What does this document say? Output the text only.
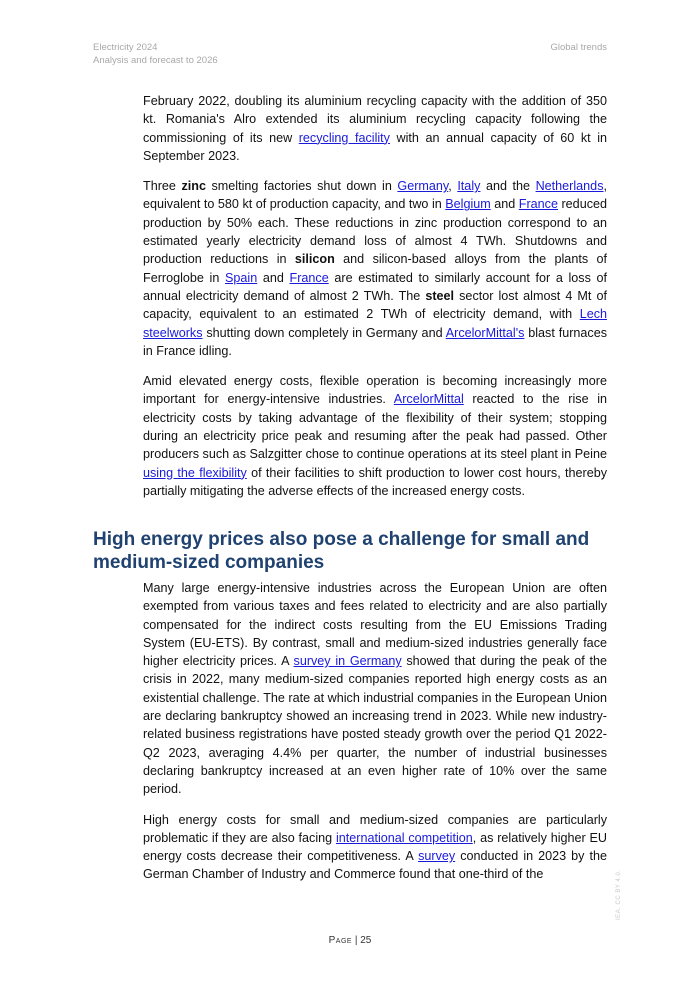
Electricity 2024
Analysis and forecast to 2026
Global trends

February 2022, doubling its aluminium recycling capacity with the addition of 350 kt. Romania's Alro extended its aluminium recycling capacity following the commissioning of its new recycling facility with an annual capacity of 60 kt in September 2023.

Three zinc smelting factories shut down in Germany, Italy and the Netherlands, equivalent to 580 kt of production capacity, and two in Belgium and France reduced production by 50% each. These reductions in zinc production correspond to an estimated yearly electricity demand loss of almost 4 TWh. Shutdowns and production reductions in silicon and silicon-based alloys from the plants of Ferroglobe in Spain and France are estimated to similarly account for a loss of annual electricity demand of almost 2 TWh. The steel sector lost almost 4 Mt of capacity, equivalent to an estimated 2 TWh of electricity demand, with Lech steelworks shutting down completely in Germany and ArcelorMittal's blast furnaces in France idling.

Amid elevated energy costs, flexible operation is becoming increasingly more important for energy-intensive industries. ArcelorMittal reacted to the rise in electricity costs by taking advantage of the flexibility of their system; stopping during an electricity price peak and resuming after the peak had passed. Other producers such as Salzgitter chose to continue operations at its steel plant in Peine using the flexibility of their facilities to shift production to lower cost hours, thereby partially mitigating the adverse effects of the increased energy costs.

High energy prices also pose a challenge for small and medium-sized companies

Many large energy-intensive industries across the European Union are often exempted from various taxes and fees related to electricity and are also partially compensated for the indirect costs resulting from the EU Emissions Trading System (EU-ETS). By contrast, small and medium-sized industries generally face higher electricity prices. A survey in Germany showed that during the peak of the crisis in 2022, many medium-sized companies reported high energy costs as an existential challenge. The rate at which industrial companies in the European Union are declaring bankruptcy showed an increasing trend in 2023. While new industry-related business registrations have posted steady growth over the period Q1 2022-Q2 2023, averaging 4.4% per quarter, the number of industrial businesses declaring bankruptcy increased at an even higher rate of 10% over the same period.

High energy costs for small and medium-sized companies are particularly problematic if they are also facing international competition, as relatively higher EU energy costs decrease their competitiveness. A survey conducted in 2023 by the German Chamber of Industry and Commerce found that one-third of the

Page | 25
IEA. CC BY 4.0.
